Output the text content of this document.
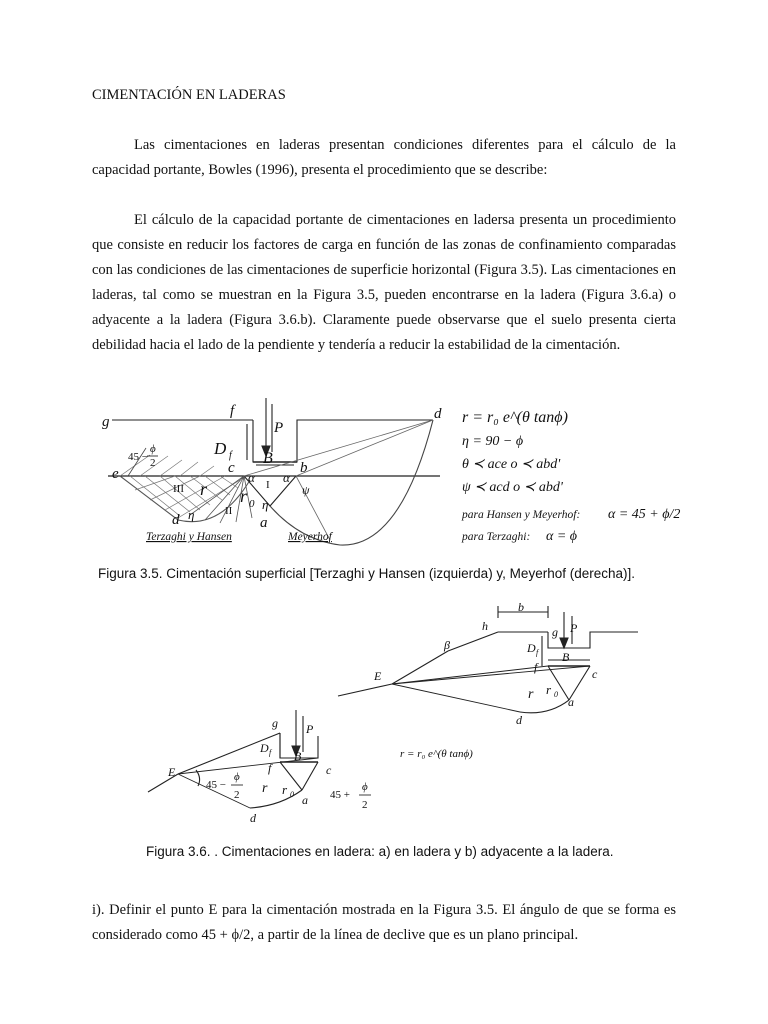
CIMENTACIÓN EN LADERAS

Las cimentaciones en laderas presentan condiciones diferentes para el cálculo de la capacidad portante, Bowles (1996), presenta el procedimiento que se describe:

El cálculo de la capacidad portante de cimentaciones en ladersa presenta un procedimiento que consiste en reducir los factores de carga en función de las zonas de confinamiento comparadas con las condiciones de las cimentaciones de superficie horizontal (Figura 3.5). Las cimentaciones en laderas, tal como se muestran en la Figura 3.5, pueden encontrarse en la ladera (Figura 3.6.a) o adyacente a la ladera (Figura 3.6.b). Claramente puede observarse que el suelo presenta cierta debilidad hacia el lado de la pendiente y tendería a reducir la estabilidad de la cimentación.

g
f	d
P
D f B
c	b
e
r r 0 η
η
α α
ψ
d	a
III
II
I
45 −
ϕ
2
Terzaghi y Hansen	Meyerhof
r = r₀ e^(θ tanϕ)
η = 90 − ϕ
θ ≺ ace o ≺ abd'
ψ ≺ acd o ≺ abd'
para Hansen y Meyerhof: α = 45 + ϕ/2
para Terzaghi: α = ϕ
Figura 3.5. Cimentación superficial [Terzaghi y Hansen (izquierda) y, Meyerhof (derecha)].
b
h
β
g P
D f B
f	c
E
r r 0
a
d
g P
D f B
E	f	c
r r 0 a
d
45 −
ϕ
2	45 +
ϕ
2
r = r₀ e^(θ tanϕ)
Figura 3.6. . Cimentaciones en ladera: a) en ladera y b) adyacente a la ladera.

i). Definir el punto E para la cimentación mostrada en la Figura 3.5. El ángulo de que se forma es considerado como 45 + ϕ/2, a partir de la línea de declive que es un plano principal.
